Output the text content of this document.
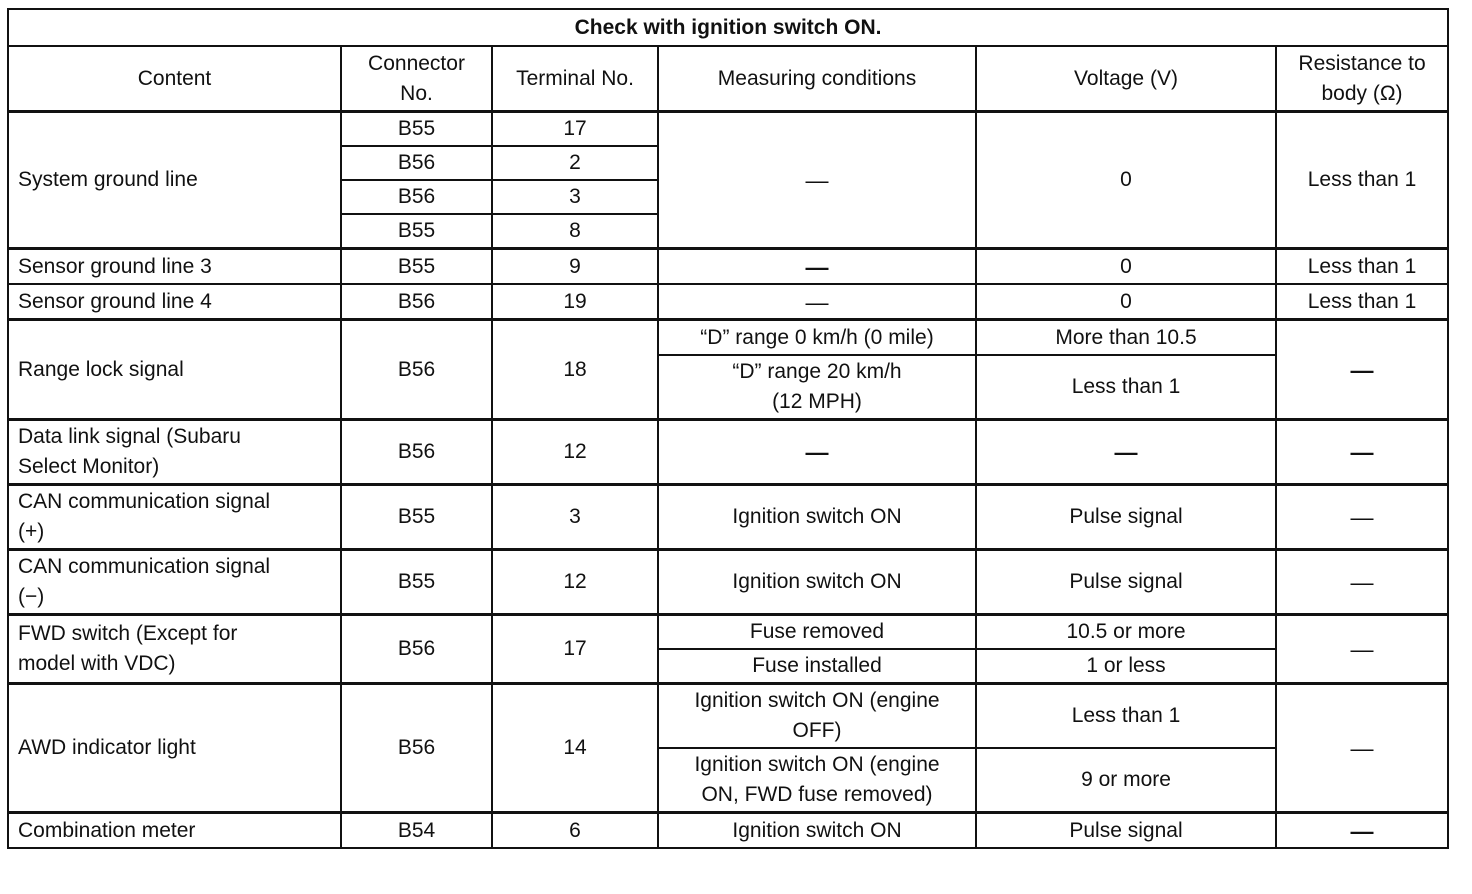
Check with ignition switch ON.					
Content	Connector No.	Terminal No.	Measuring conditions	Voltage (V)	Resistance to body (Ω)
System ground line	B55	17	—	0	Less than 1
	B56	2			
	B56	3			
	B55	8			
Sensor ground line 3	B55	9	—	0	Less than 1
Sensor ground line 4	B56	19	—	0	Less than 1
Range lock signal	B56	18	“D” range 0 km/h (0 mile)	More than 10.5	—
			“D” range 20 km/h
(12 MPH)	Less than 1	
Data link signal (Subaru
Select Monitor)	B56	12	—	—	—
CAN communication signal
(+)	B55	3	Ignition switch ON	Pulse signal	—
CAN communication signal
(−)	B55	12	Ignition switch ON	Pulse signal	—
FWD switch (Except for
model with VDC)	B56	17	Fuse removed	10.5 or more	—
			Fuse installed	1 or less	
AWD indicator light	B56	14	Ignition switch ON (engine
OFF)	Less than 1	—
			Ignition switch ON (engine
ON, FWD fuse removed)	9 or more	
Combination meter	B54	6	Ignition switch ON	Pulse signal	—
